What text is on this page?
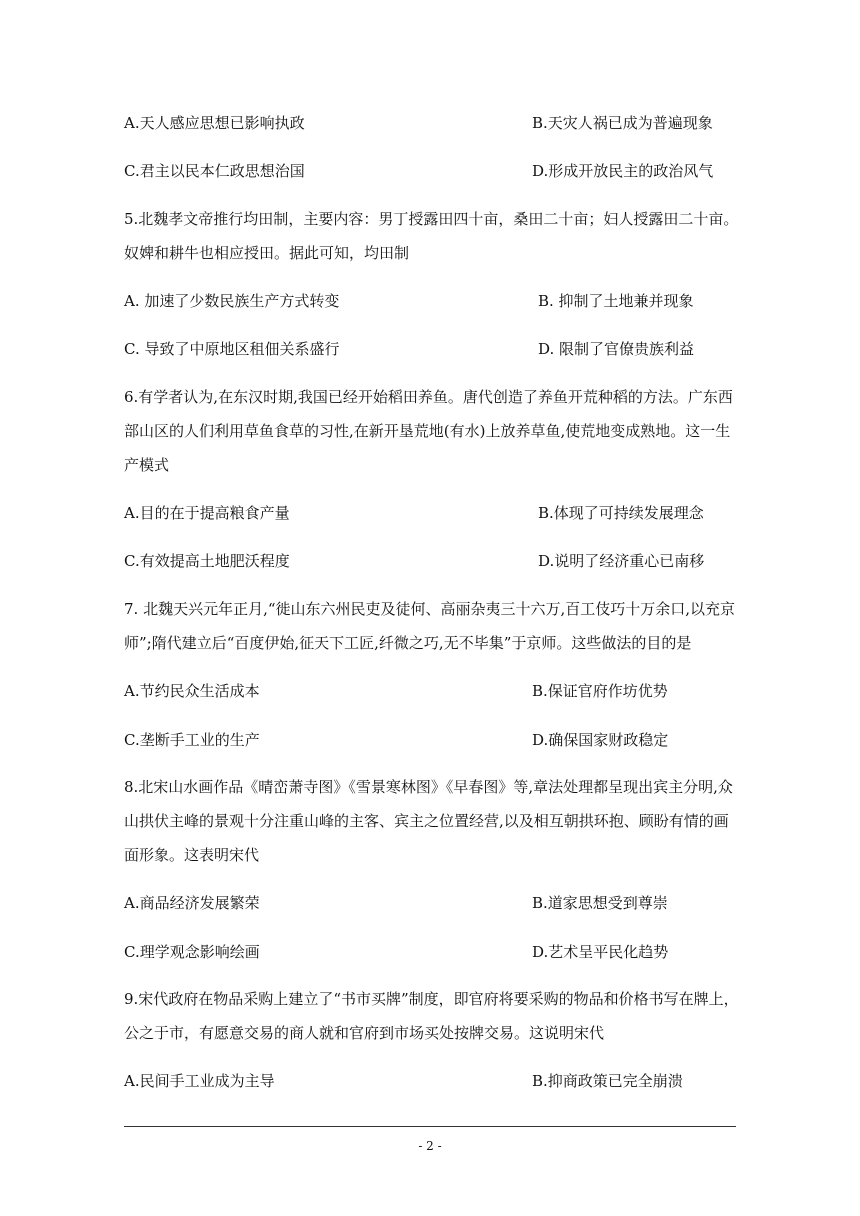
A.天人感应思想已影响执政	B.天灾人祸已成为普遍现象
C.君主以民本仁政思想治国	D.形成开放民主的政治风气
5.北魏孝文帝推行均田制，主要内容：男丁授露田四十亩，桑田二十亩；妇人授露田二十亩。
奴婢和耕牛也相应授田。据此可知，均田制
A. 加速了少数民族生产方式转变	B. 抑制了土地兼并现象
C. 导致了中原地区租佃关系盛行	D. 限制了官僚贵族利益
6.有学者认为,在东汉时期,我国已经开始稻田养鱼。唐代创造了养鱼开荒种稻的方法。广东西
部山区的人们利用草鱼食草的习性,在新开垦荒地(有水)上放养草鱼,使荒地变成熟地。这一生
产模式
A.目的在于提高粮食产量	B.体现了可持续发展理念
C.有效提高土地肥沃程度	D.说明了经济重心已南移
7. 北魏天兴元年正月,“徙山东六州民吏及徒何、高丽杂夷三十六万,百工伎巧十万余口,以充京
师”;隋代建立后“百度伊始,征天下工匠,纤微之巧,无不毕集”于京师。这些做法的目的是
A.节约民众生活成本	B.保证官府作坊优势
C.垄断手工业的生产	D.确保国家财政稳定
8.北宋山水画作品《晴峦萧寺图》《雪景寒林图》《早春图》等,章法处理都呈现出宾主分明,众
山拱伏主峰的景观十分注重山峰的主客、宾主之位置经营,以及相互朝拱环抱、顾盼有情的画
面形象。这表明宋代
A.商品经济发展繁荣	B.道家思想受到尊崇
C.理学观念影响绘画	D.艺术呈平民化趋势
9.宋代政府在物品采购上建立了“书市买牌”制度，即官府将要采购的物品和价格书写在牌上，
公之于市，有愿意交易的商人就和官府到市场买处按牌交易。这说明宋代
A.民间手工业成为主导	B.抑商政策已完全崩溃
- 2 -
